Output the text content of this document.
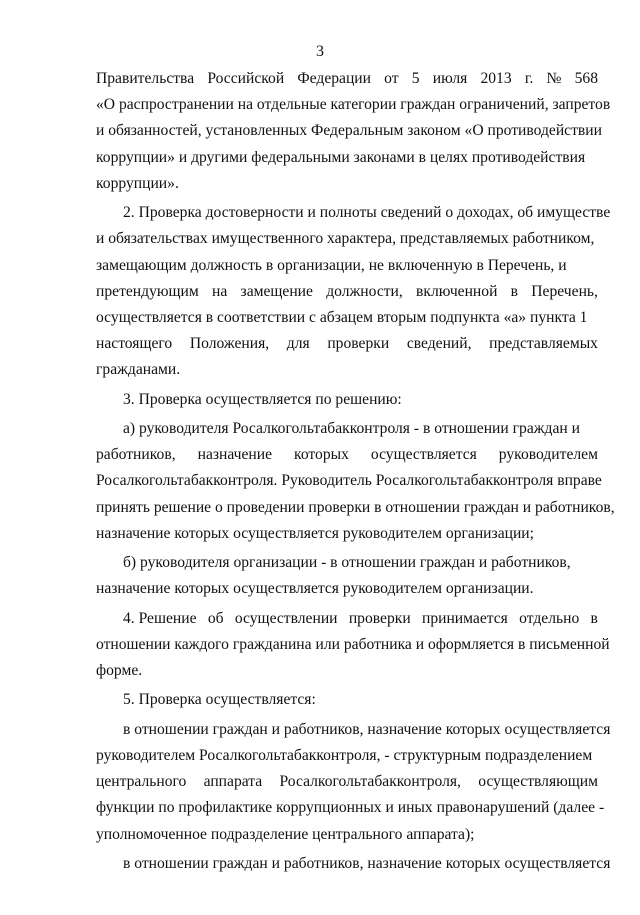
3
Правительства Российской Федерации от 5 июля 2013 г. № 568
«О распространении на отдельные категории граждан ограничений, запретов
и обязанностей, установленных Федеральным законом «О противодействии
коррупции» и другими федеральными законами в целях противодействия
коррупции».
2. Проверка достоверности и полноты сведений о доходах, об имуществе
и обязательствах имущественного характера, представляемых работником,
замещающим должность в организации, не включенную в Перечень, и
претендующим на замещение должности, включенной в Перечень,
осуществляется в соответствии с абзацем вторым подпункта «а» пункта 1
настоящего Положения, для проверки сведений, представляемых
гражданами.
3. Проверка осуществляется по решению:
а) руководителя Росалкогольтабакконтроля - в отношении граждан и
работников, назначение которых осуществляется руководителем
Росалкогольтабакконтроля. Руководитель Росалкогольтабакконтроля вправе
принять решение о проведении проверки в отношении граждан и работников,
назначение которых осуществляется руководителем организации;
б) руководителя организации - в отношении граждан и работников,
назначение которых осуществляется руководителем организации.
4. Решение об осуществлении проверки принимается отдельно в
отношении каждого гражданина или работника и оформляется в письменной
форме.
5. Проверка осуществляется:
в отношении граждан и работников, назначение которых осуществляется
руководителем Росалкогольтабакконтроля, - структурным подразделением
центрального аппарата Росалкогольтабакконтроля, осуществляющим
функции по профилактике коррупционных и иных правонарушений (далее -
уполномоченное подразделение центрального аппарата);
в отношении граждан и работников, назначение которых осуществляется
